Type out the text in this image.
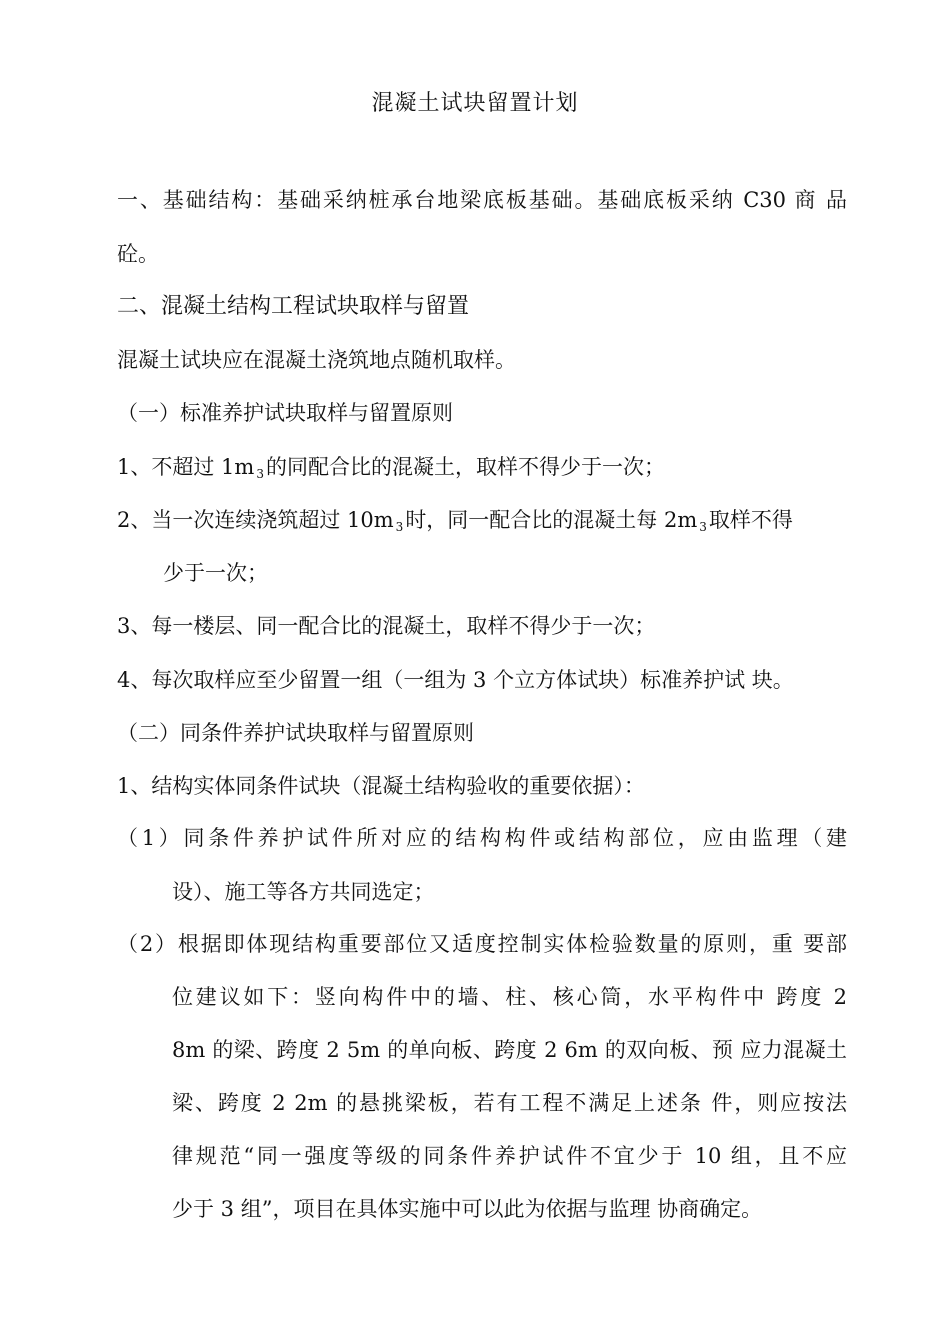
混凝土试块留置计划
一、基础结构：基础采纳桩承台地梁底板基础。基础底板采纳 C30 商 品
砼。
二、混凝土结构工程试块取样与留置
混凝土试块应在混凝土浇筑地点随机取样。
（一）标准养护试块取样与留置原则
1、不超过 1m 3的同配合比的混凝土，取样不得少于一次；
2、当一次连续浇筑超过 10m 3时，同一配合比的混凝土每 2m 3取样不得
少于一次；
3、每一楼层、同一配合比的混凝土，取样不得少于一次；
4、每次取样应至少留置一组（一组为 3 个立方体试块）标准养护试 块。
（二）同条件养护试块取样与留置原则
1、结构实体同条件试块（混凝土结构验收的重要依据）：
（1）同条件养护试件所对应的结构构件或结构部位，应由监理（建
设）、施工等各方共同选定；
（2）根据即体现结构重要部位又适度控制实体检验数量的原则，重 要部
位建议如下：竖向构件中的墙、柱、核心筒，水平构件中 跨度 2
8m 的梁、跨度 2 5m 的单向板、跨度 2 6m 的双向板、预 应力混凝土
梁、跨度 2 2m 的悬挑梁板，若有工程不满足上述条 件，则应按法
律规范“同一强度等级的同条件养护试件不宜少于 10 组，且不应
少于 3 组”，项目在具体实施中可以此为依据与监理 协商确定。
